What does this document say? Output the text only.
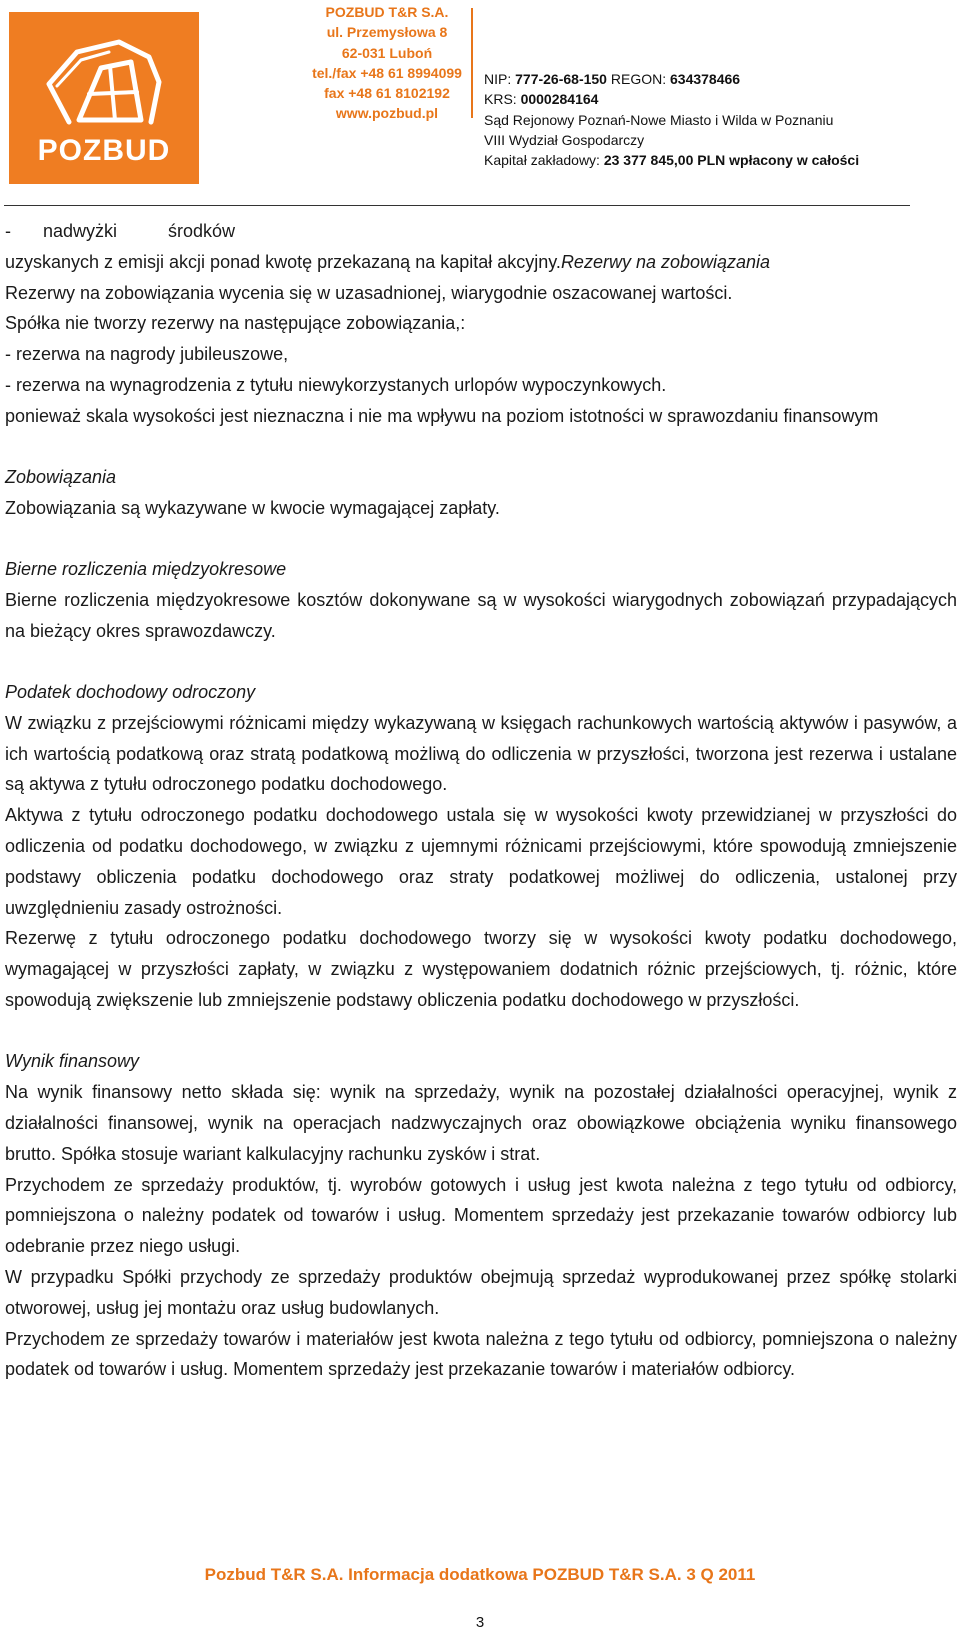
POZBUD
POZBUD T&R S.A.
ul. Przemysłowa 8
62-031 Luboń
tel./fax +48 61 8994099
fax +48 61 8102192
www.pozbud.pl
NIP: 777-26-68-150 REGON: 634378466
KRS: 0000284164
Sąd Rejonowy Poznań-Nowe Miasto i Wilda w Poznaniu
VIII Wydział Gospodarczy
Kapitał zakładowy: 23 377 845,00 PLN wpłacony w całości
- nadwyżki	środków
uzyskanych z emisji akcji ponad kwotę przekazaną na kapitał akcyjny.Rezerwy na zobowiązania
Rezerwy na zobowiązania wycenia się w uzasadnionej, wiarygodnie oszacowanej wartości.
Spółka nie tworzy rezerwy na następujące zobowiązania,:
- rezerwa na nagrody jubileuszowe,
- rezerwa na wynagrodzenia z tytułu niewykorzystanych urlopów wypoczynkowych.

ponieważ skala wysokości jest nieznaczna i nie ma wpływu na poziom istotności w sprawozdaniu finansowym

Zobowiązania
Zobowiązania są wykazywane w kwocie wymagającej zapłaty.
Bierne rozliczenia międzyokresowe

Bierne rozliczenia międzyokresowe kosztów dokonywane są w wysokości wiarygodnych zobowiązań przypadających na bieżący okres sprawozdawczy.

Podatek dochodowy odroczony

W związku z przejściowymi różnicami między wykazywaną w księgach rachunkowych wartością aktywów i pasywów, a ich wartością podatkową oraz stratą podatkową możliwą do odliczenia w przyszłości, tworzona jest rezerwa i ustalane są aktywa z tytułu odroczonego podatku dochodowego.

Aktywa z tytułu odroczonego podatku dochodowego ustala się w wysokości kwoty przewidzianej w przyszłości do odliczenia od podatku dochodowego, w związku z ujemnymi różnicami przejściowymi, które spowodują zmniejszenie podstawy obliczenia podatku dochodowego oraz straty podatkowej możliwej do odliczenia, ustalonej przy uwzględnieniu zasady ostrożności.

Rezerwę z tytułu odroczonego podatku dochodowego tworzy się w wysokości kwoty podatku dochodowego, wymagającej w przyszłości zapłaty, w związku z występowaniem dodatnich różnic przejściowych, tj. różnic, które spowodują zwiększenie lub zmniejszenie podstawy obliczenia podatku dochodowego w przyszłości.

Wynik finansowy

Na wynik finansowy netto składa się: wynik na sprzedaży, wynik na pozostałej działalności operacyjnej, wynik z działalności finansowej, wynik na operacjach nadzwyczajnych oraz obowiązkowe obciążenia wyniku finansowego brutto. Spółka stosuje wariant kalkulacyjny rachunku zysków i strat.

Przychodem ze sprzedaży produktów, tj. wyrobów gotowych i usług jest kwota należna z tego tytułu od odbiorcy, pomniejszona o należny podatek od towarów i usług. Momentem sprzedaży jest przekazanie towarów odbiorcy lub odebranie przez niego usługi.

W przypadku Spółki przychody ze sprzedaży produktów obejmują sprzedaż wyprodukowanej przez spółkę stolarki otworowej, usług jej montażu oraz usług budowlanych.

Przychodem ze sprzedaży towarów i materiałów jest kwota należna z tego tytułu od odbiorcy, pomniejszona o należny podatek od towarów i usług. Momentem sprzedaży jest przekazanie towarów i materiałów odbiorcy.

Pozbud T&R S.A. Informacja dodatkowa POZBUD T&R S.A. 3 Q 2011
3
